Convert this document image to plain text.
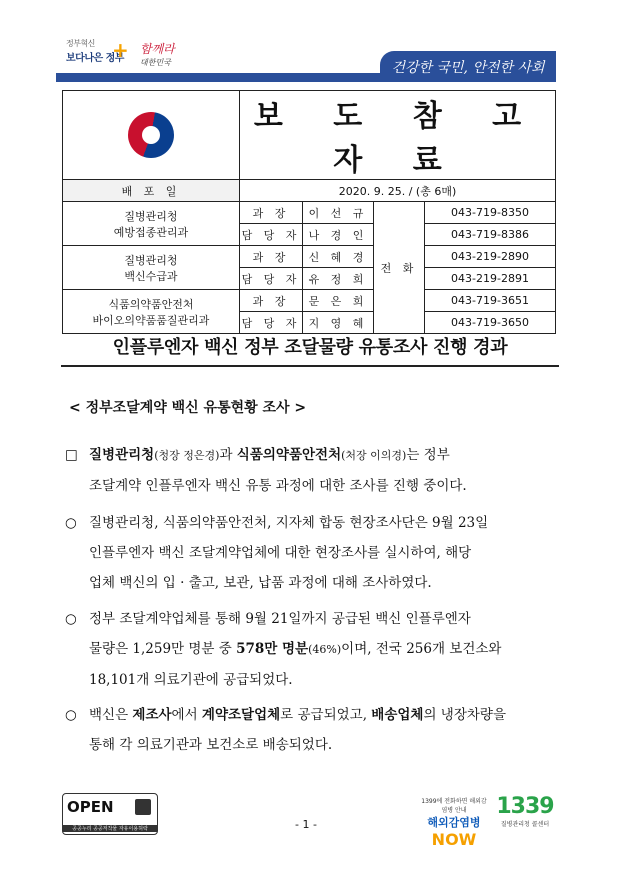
정부혁신
보다나은 정부
+ 함께라
대한민국	건강한 국민, 안전한 사회
	보 도 참 고 자 료			
배 포 일	2020. 9. 25. / (총 6매)			

질병관리청
예방접종관리과	과 장	이 선 규	전 화	043-719-8350
	담 당 자	나 경 인		043-719-8386

질병관리청
백신수급과	과 장	신 혜 경		043-219-2890
	담 당 자	유 정 희		043-219-2891

식품의약품안전처
바이오의약품품질관리과	과 장	문 은 희		043-719-3651
	담 당 자	지 영 혜		043-719-3650
인플루엔자 백신 정부 조달물량 유통조사 진행 경과
< 정부조달계약 백신 유통현황 조사 >
□ 질병관리청(청장 정은경)과 식품의약품안전처(처장 이의경)는 정부
조달계약 인플루엔자 백신 유통 과정에 대한 조사를 진행 중이다.
○ 질병관리청, 식품의약품안전처, 지자체 합동 현장조사단은 9월 23일
인플루엔자 백신 조달계약업체에 대한 현장조사를 실시하여, 해당
업체 백신의 입 · 출고, 보관, 납품 과정에 대해 조사하였다.
○ 정부 조달계약업체를 통해 9월 21일까지 공급된 백신 인플루엔자
물량은 1,259만 명분 중 578만 명분(46%)이며, 전국 256개 보건소와
18,101개 의료기관에 공급되었다.
○ 백신은 제조사에서 계약조달업체로 공급되었고, 배송업체의 냉장차량을
통해 각 의료기관과 보건소로 배송되었다.
OPEN
공공누리 공공저작물 자유이용허락	- 1 -
1399에 전화하면 해외감염병 안내
해외감염병
NOW
1339
질병관리청 콜센터
